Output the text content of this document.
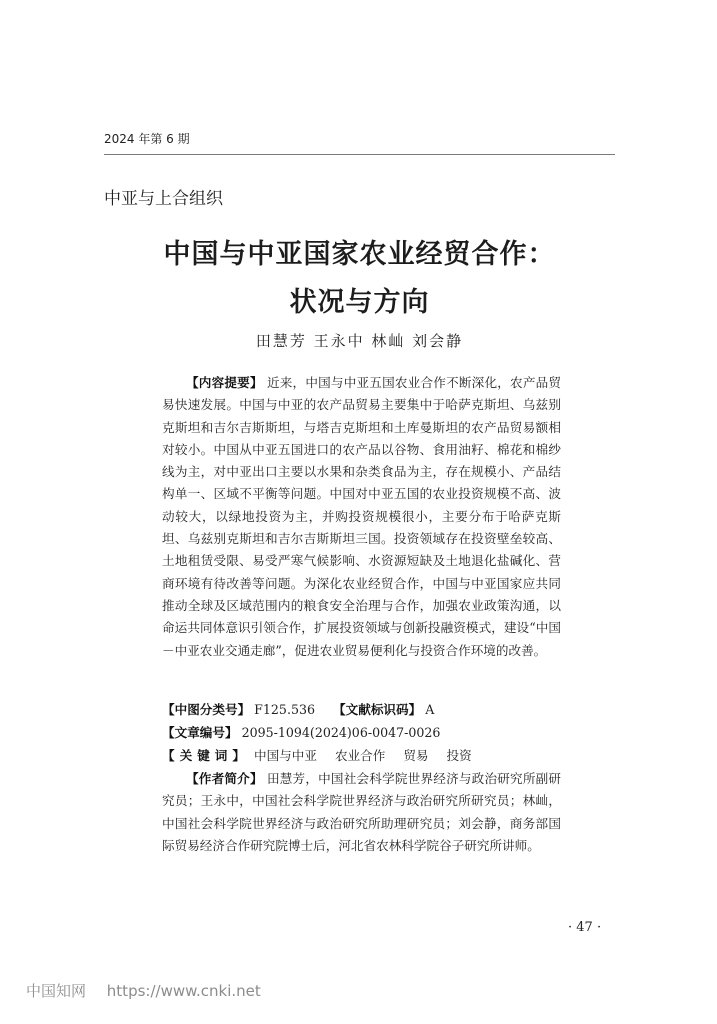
2024 年第 6 期
中亚与上合组织
中国与中亚国家农业经贸合作：
状况与方向
田慧芳 王永中 林屾 刘会静

【内容提要】 近来，中国与中亚五国农业合作不断深化，农产品贸易快速发展。中国与中亚的农产品贸易主要集中于哈萨克斯坦、乌兹别克斯坦和吉尔吉斯斯坦，与塔吉克斯坦和土库曼斯坦的农产品贸易额相对较小。中国从中亚五国进口的农产品以谷物、食用油籽、棉花和棉纱线为主，对中亚出口主要以水果和杂类食品为主，存在规模小、产品结构单一、区域不平衡等问题。中国对中亚五国的农业投资规模不高、波动较大，以绿地投资为主，并购投资规模很小，主要分布于哈萨克斯坦、乌兹别克斯坦和吉尔吉斯斯坦三国。投资领域存在投资壁垒较高、土地租赁受限、易受严寒气候影响、水资源短缺及土地退化盐碱化、营商环境有待改善等问题。为深化农业经贸合作，中国与中亚国家应共同推动全球及区域范围内的粮食安全治理与合作，加强农业政策沟通，以命运共同体意识引领合作，扩展投资领域与创新投融资模式，建设“中国－中亚农业交通走廊”，促进农业贸易便利化与投资合作环境的改善。

【中图分类号】 F125.536 【文献标识码】 A
【文章编号】 2095-1094(2024)06-0047-0026
【关键词】 中国与中亚 农业合作 贸易 投资

【作者简介】 田慧芳，中国社会科学院世界经济与政治研究所副研究员；王永中，中国社会科学院世界经济与政治研究所研究员；林屾，中国社会科学院世界经济与政治研究所助理研究员；刘会静，商务部国际贸易经济合作研究院博士后，河北省农林科学院谷子研究所讲师。

· 47 ·
中国知网 https://www.cnki.net
